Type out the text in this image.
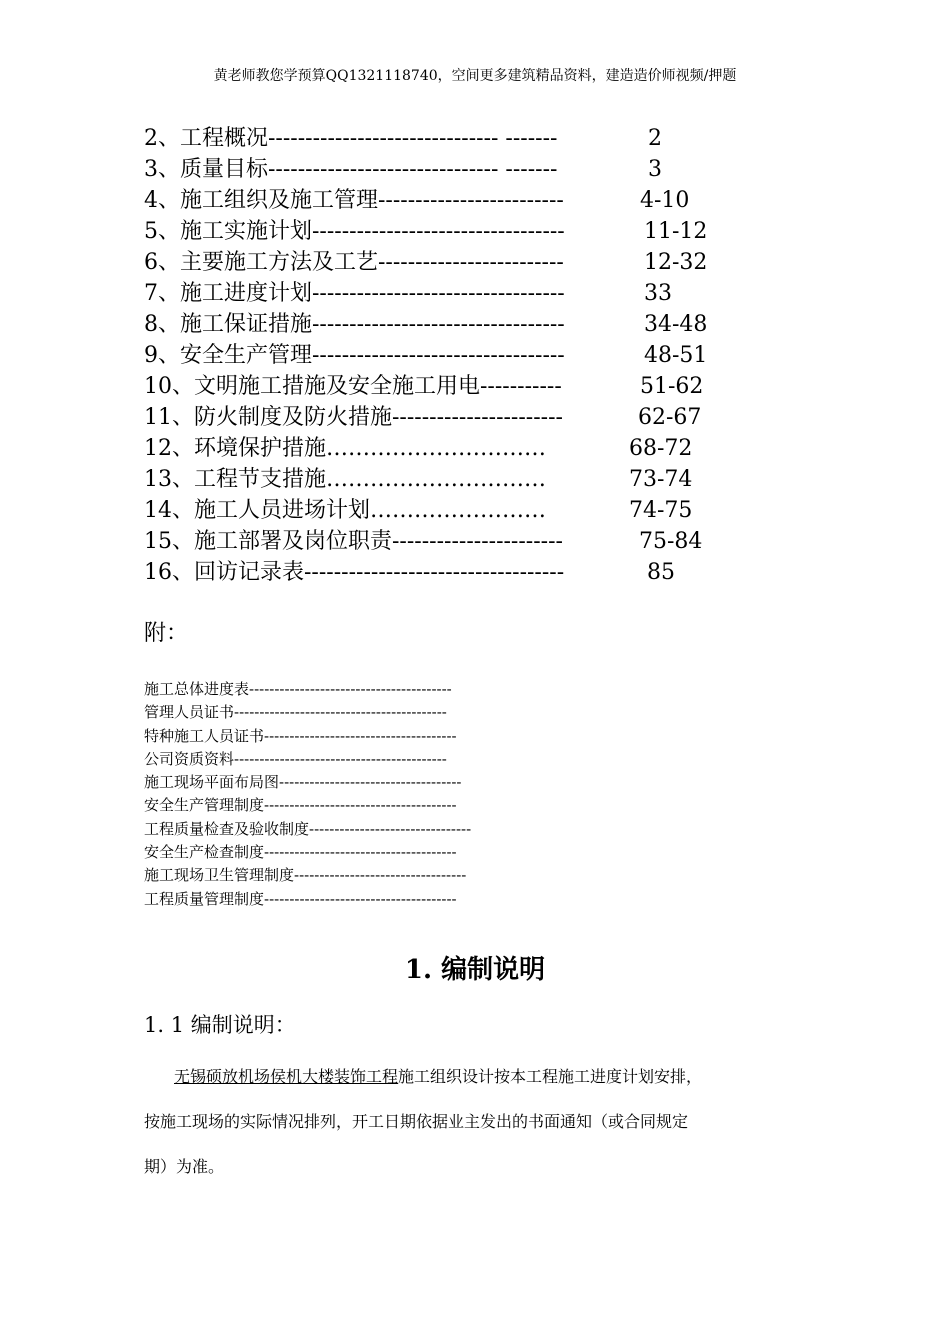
黄老师教您学预算QQ1321118740，空间更多建筑精品资料，建造造价师视频/押题
2、工程概况------------------------------- -------	2
3、质量目标------------------------------- -------	3
4、施工组织及施工管理-------------------------	4-10
5、施工实施计划----------------------------------	11-12
6、主要施工方法及工艺-------------------------	12-32
7、施工进度计划----------------------------------	33
8、施工保证措施----------------------------------	34-48
9、安全生产管理----------------------------------	48-51
10、文明施工措施及安全施工用电-----------	51-62
11、防火制度及防火措施-----------------------	62-67
12、环境保护措施…………………………	68-72
13、工程节支措施…………………………	73-74
14、施工人员进场计划……………………	74-75
15、施工部署及岗位职责-----------------------	75-84
16、回访记录表-----------------------------------	85
附：
施工总体进度表----------------------------------------
管理人员证书------------------------------------------
特种施工人员证书--------------------------------------
公司资质资料------------------------------------------
施工现场平面布局图------------------------------------
安全生产管理制度--------------------------------------
工程质量检查及验收制度--------------------------------
安全生产检查制度--------------------------------------
施工现场卫生管理制度----------------------------------
工程质量管理制度--------------------------------------
1. 编制说明
1. 1 编制说明：
无锡硕放机场侯机大楼装饰工程施工组织设计按本工程施工进度计划安排，
按施工现场的实际情况排列，开工日期依据业主发出的书面通知（或合同规定
期）为准。
